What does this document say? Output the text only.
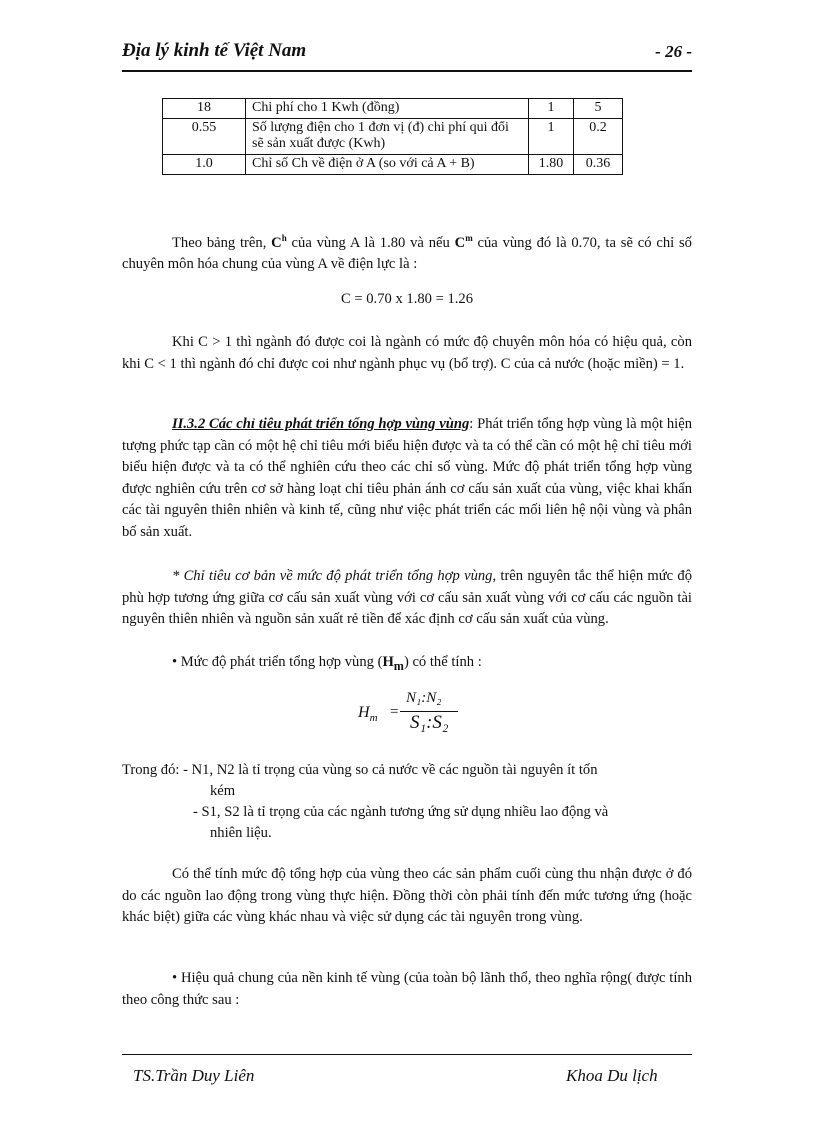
Địa lý kinh tế Việt Nam	- 26 -
18	Chi phí cho 1 Kwh (đồng)	1	5
0.55	Số lượng điện cho 1 đơn vị (đ) chi phí qui đổi sẽ sản xuất được (Kwh)	1	0.2
1.0	Chỉ số Ch về điện ở A (so với cả A + B)	1.80	0.36
Theo bảng trên, $C^h$ của vùng A là 1.80 và nếu $C^m$ của vùng đó là 0.70, ta sẽ có chỉ số chuyên môn hóa chung của vùng A về điện lực là :
C = 0.70 x 1.80 = 1.26
Khi C > 1 thì ngành đó được coi là ngành có mức độ chuyên môn hóa có hiệu quả, còn khi C < 1 thì ngành đó chỉ được coi như ngành phục vụ (bổ trợ). C của cả nước (hoặc miền) = 1.
II.3.2 Các chỉ tiêu phát triển tổng hợp vùng vùng: Phát triển tổng hợp vùng là một hiện tượng phức tạp cần có một hệ chỉ tiêu mới biểu hiện được và ta có thể cần có một hệ chỉ tiêu mới biểu hiện được và ta có thể nghiên cứu theo các chỉ số vùng. Mức độ phát triển tổng hợp vùng được nghiên cứu trên cơ sở hàng loạt chỉ tiêu phản ánh cơ cấu sản xuất của vùng, việc khai khẩn các tài nguyên thiên nhiên và kinh tế, cũng như việc phát triển các mối liên hệ nội vùng và phân bố sản xuất.
* Chỉ tiêu cơ bản về mức độ phát triển tổng hợp vùng, trên nguyên tắc thể hiện mức độ phù hợp tương ứng giữa cơ cấu sản xuất vùng với cơ cấu sản xuất vùng với cơ cấu các nguồn tài nguyên thiên nhiên và nguồn sản xuất rẻ tiền để xác định cơ cấu sản xuất của vùng.
• Mức độ phát triển tổng hợp vùng $(H_m)$ có thể tính :
$H_m$ =
N₁:N₂
S₁:S₂
Trong đó: - N1, N2 là tỉ trọng của vùng so cả nước về các nguồn tài nguyên ít tốn
kém
- S1, S2 là tỉ trọng của các ngành tương ứng sử dụng nhiều lao động và
nhiên liệu.
Có thể tính mức độ tổng hợp của vùng theo các sản phẩm cuối cùng thu nhận được ở đó do các nguồn lao động trong vùng thực hiện. Đồng thời còn phải tính đến mức tương ứng (hoặc khác biệt) giữa các vùng khác nhau và việc sử dụng các tài nguyên trong vùng.
• Hiệu quả chung của nền kinh tế vùng (của toàn bộ lãnh thổ, theo nghĩa rộng( được tính theo công thức sau :
TS.Trần Duy Liên	Khoa Du lịch
